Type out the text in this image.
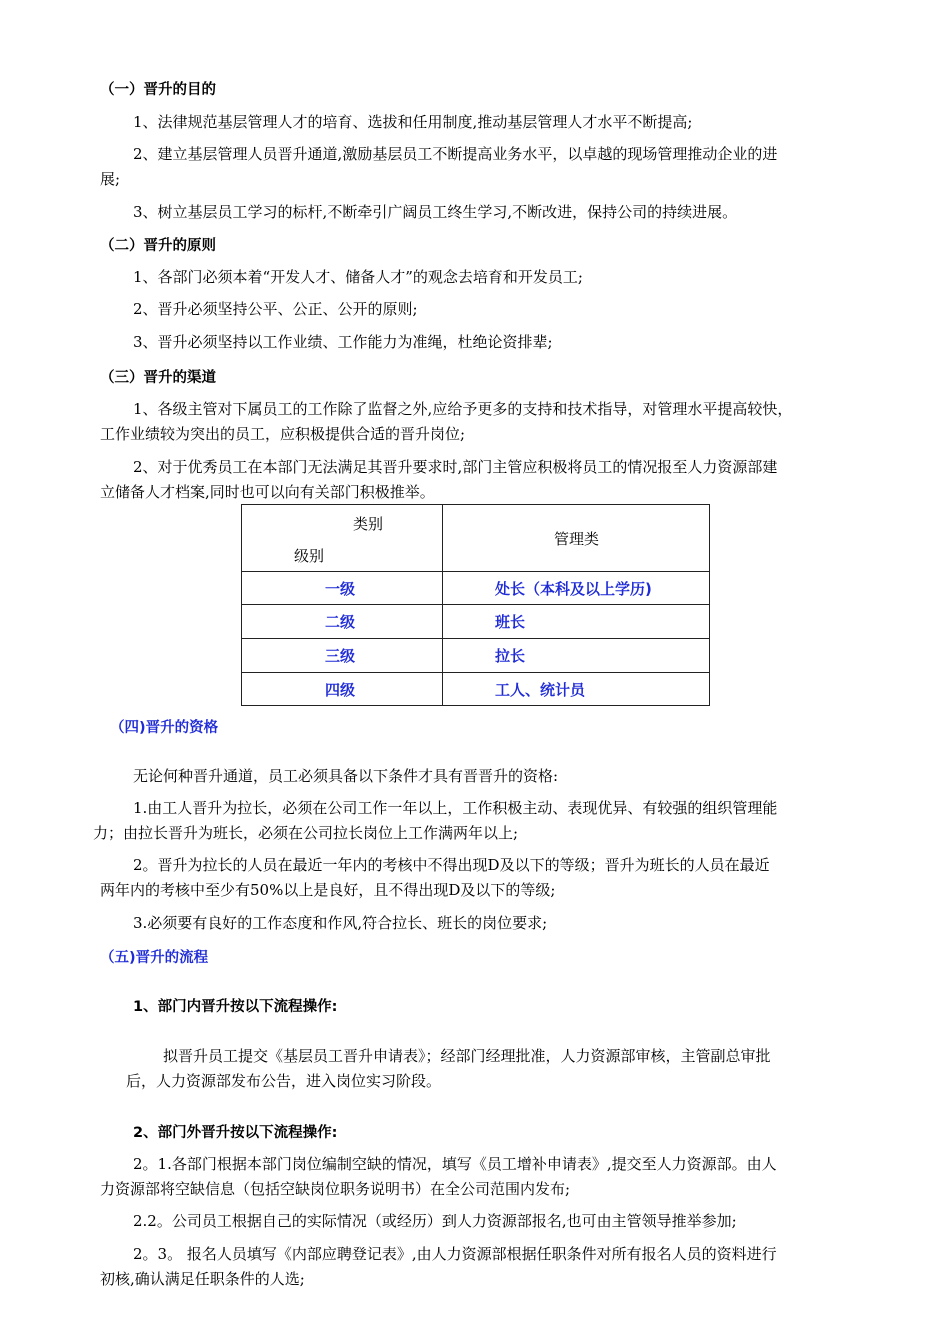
（一）晋升的目的
1、法律规范基层管理人才的培育、选拔和任用制度,推动基层管理人才水平不断提高;
2、建立基层管理人员晋升通道,激励基层员工不断提高业务水平，以卓越的现场管理推动企业的进
展;
3、树立基层员工学习的标杆,不断牵引广阔员工终生学习,不断改进，保持公司的持续进展。
（二）晋升的原则
1、各部门必须本着“开发人才、储备人才”的观念去培育和开发员工;
2、晋升必须坚持公平、公正、公开的原则;
3、晋升必须坚持以工作业绩、工作能力为准绳，杜绝论资排辈;
（三）晋升的渠道
1、各级主管对下属员工的工作除了监督之外,应给予更多的支持和技术指导，对管理水平提高较快，
工作业绩较为突出的员工，应积极提供合适的晋升岗位;
2、对于优秀员工在本部门无法满足其晋升要求时,部门主管应积极将员工的情况报至人力资源部建
立储备人才档案,同时也可以向有关部门积极推举。
类别
级别	管理类
一级	处长（本科及以上学历)
二级	班长
三级	拉长
四级	工人、统计员
（四)晋升的资格
无论何种晋升通道，员工必须具备以下条件才具有晋晋升的资格:
1.由工人晋升为拉长，必须在公司工作一年以上，工作积极主动、表现优异、有较强的组织管理能
力；由拉长晋升为班长，必须在公司拉长岗位上工作满两年以上;
2。晋升为拉长的人员在最近一年内的考核中不得出现D及以下的等级；晋升为班长的人员在最近
两年内的考核中至少有50%以上是良好，且不得出现D及以下的等级;
3.必须要有良好的工作态度和作风,符合拉长、班长的岗位要求;
（五)晋升的流程
1、部门内晋升按以下流程操作:
拟晋升员工提交《基层员工晋升申请表》；经部门经理批准，人力资源部审核，主管副总审批
后，人力资源部发布公告，进入岗位实习阶段。
2、部门外晋升按以下流程操作:
2。1.各部门根据本部门岗位编制空缺的情况，填写《员工增补申请表》,提交至人力资源部。由人
力资源部将空缺信息（包括空缺岗位职务说明书）在全公司范围内发布;
2.2。公司员工根据自己的实际情况（或经历）到人力资源部报名,也可由主管领导推举参加;
2。3。 报名人员填写《内部应聘登记表》,由人力资源部根据任职条件对所有报名人员的资料进行
初核,确认满足任职条件的人选;
